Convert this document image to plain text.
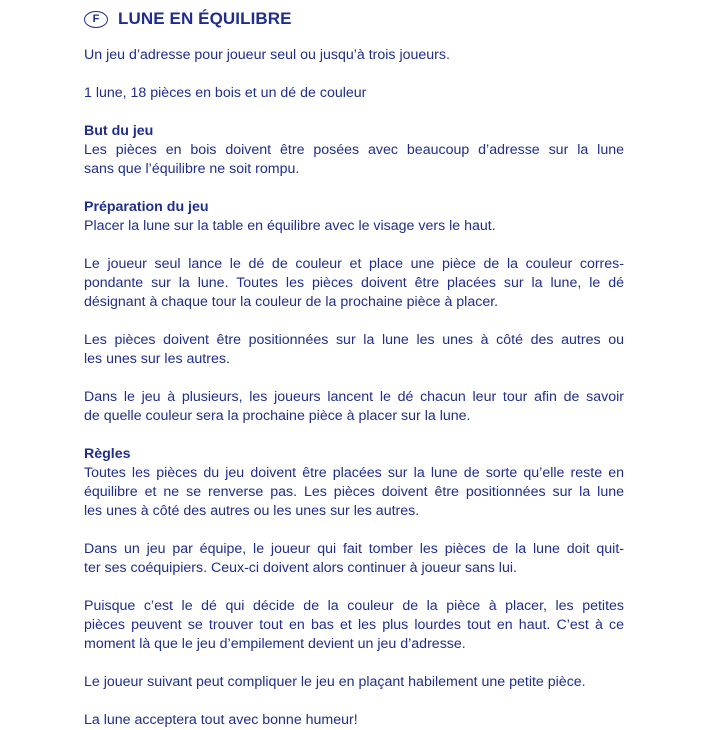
F	LUNE EN ÉQUILIBRE

Un jeu d’adresse pour joueur seul ou jusqu’à trois joueurs.

1 lune, 18 pièces en bois et un dé de couleur

But du jeu
Les pièces en bois doivent être posées avec beaucoup d’adresse sur la lune
sans que l’équilibre ne soit rompu.
Préparation du jeu
Placer la lune sur la table en équilibre avec le visage vers le haut.
Le joueur seul lance le dé de couleur et place une pièce de la couleur corres-
pondante sur la lune. Toutes les pièces doivent être placées sur la lune, le dé
désignant à chaque tour la couleur de la prochaine pièce à placer.
Les pièces doivent être positionnées sur la lune les unes à côté des autres ou
les unes sur les autres.
Dans le jeu à plusieurs, les joueurs lancent le dé chacun leur tour afin de savoir
de quelle couleur sera la prochaine pièce à placer sur la lune.
Règles
Toutes les pièces du jeu doivent être placées sur la lune de sorte qu’elle reste en
équilibre et ne se renverse pas. Les pièces doivent être positionnées sur la lune
les unes à côté des autres ou les unes sur les autres.
Dans un jeu par équipe, le joueur qui fait tomber les pièces de la lune doit quit-
ter ses coéquipiers. Ceux-ci doivent alors continuer à joueur sans lui.
Puisque c’est le dé qui décide de la couleur de la pièce à placer, les petites
pièces peuvent se trouver tout en bas et les plus lourdes tout en haut. C’est à ce
moment là que le jeu d’empilement devient un jeu d’adresse.
Le joueur suivant peut compliquer le jeu en plaçant habilement une petite pièce.
La lune acceptera tout avec bonne humeur!
